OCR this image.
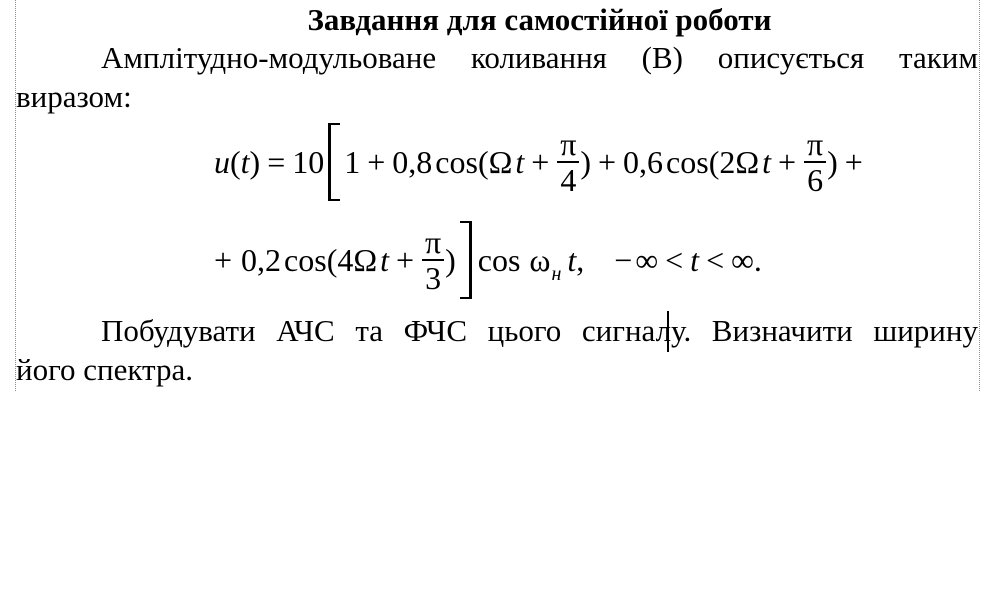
Завдання для самостійної роботи
Амплітудно-модульоване коливання (В) описується таким
виразом:
u ( t ) = 10 1 + 0,8 cos ( Ω $t + \frac{\pi}{4}$ ) + 0,6 cos ( 2 Ω $t + \frac{\pi}{6}$ ) +
+ 0,2 cos ( 4 Ω $t + \frac{\pi}{3}$ ) $\cos \omega_н$ t , − ∞ < t < ∞ .
Побудувати АЧС та ФЧС цього сигналу. Визначити ширину
його спектра.
